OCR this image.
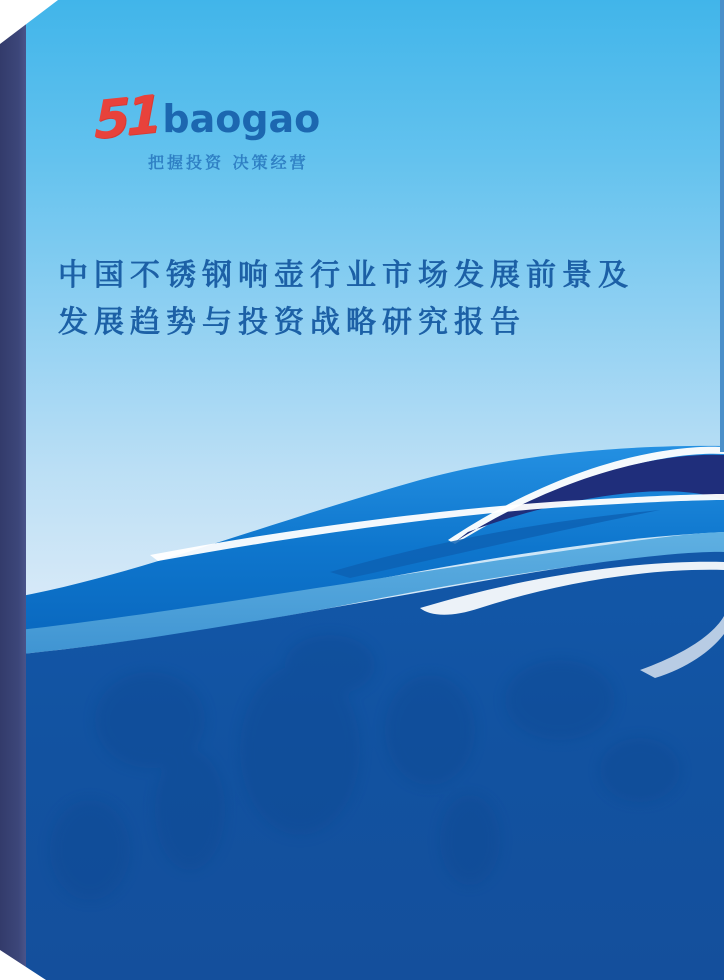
51 baogao
把握投资 决策经营
中国不锈钢响壶行业市场发展前景及
发展趋势与投资战略研究报告
